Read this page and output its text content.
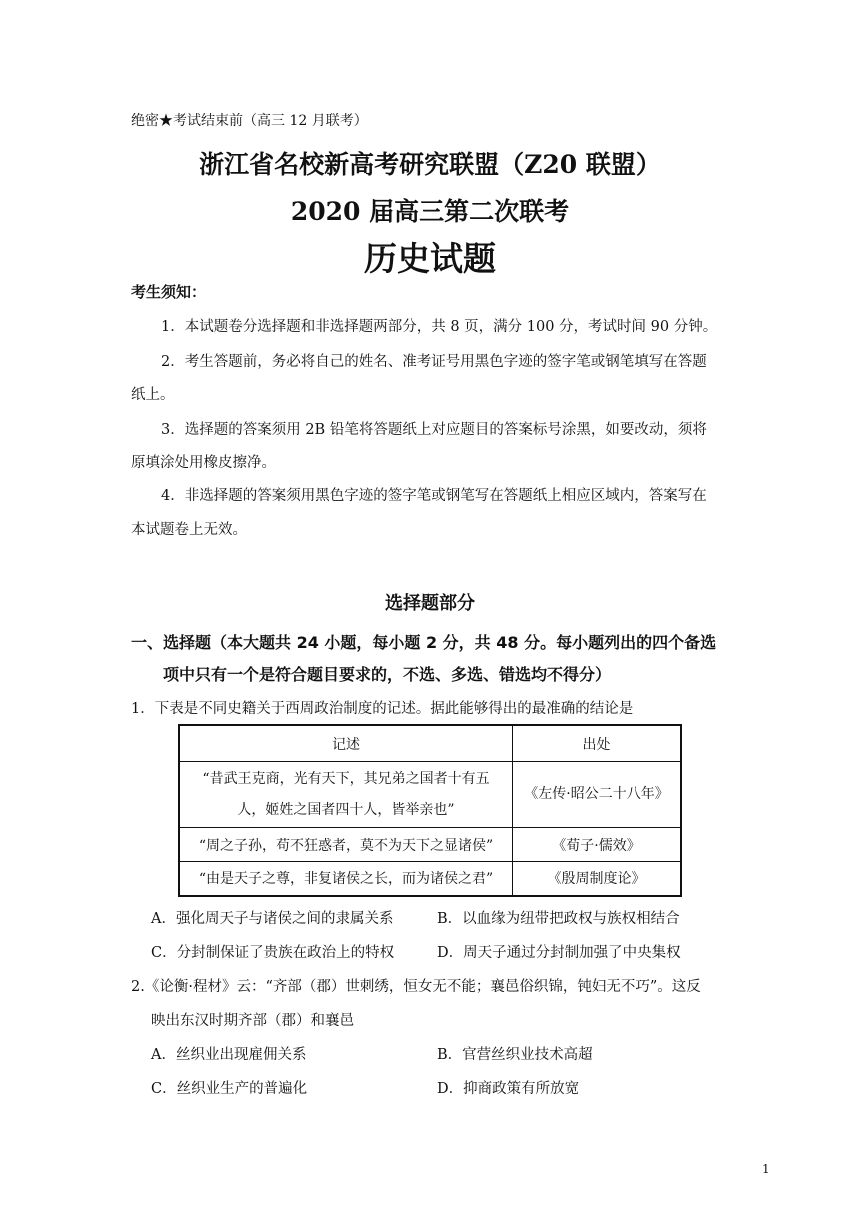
绝密★考试结束前（高三 12 月联考）
浙江省名校新高考研究联盟（Z20 联盟）
2020 届高三第二次联考
历史试题
考生须知：
1．本试题卷分选择题和非选择题两部分，共 8 页，满分 100 分，考试时间 90 分钟。
2．考生答题前，务必将自己的姓名、准考证号用黑色字迹的签字笔或钢笔填写在答题
纸上。
3．选择题的答案须用 2B 铅笔将答题纸上对应题目的答案标号涂黑，如要改动，须将
原填涂处用橡皮擦净。
4．非选择题的答案须用黑色字迹的签字笔或钢笔写在答题纸上相应区域内，答案写在
本试题卷上无效。
选择题部分
一、选择题（本大题共 24 小题，每小题 2 分，共 48 分。每小题列出的四个备选
项中只有一个是符合题目要求的，不选、多选、错选均不得分）
1．下表是不同史籍关于西周政治制度的记述。据此能够得出的最准确的结论是
记述	出处

“昔武王克商，光有天下，其兄弟之国者十有五
人，姬姓之国者四十人，皆举亲也”	《左传·昭公二十八年》
“周之子孙，苟不狂惑者，莫不为天下之显诸侯”	《荀子·儒效》
“由是天子之尊，非复诸侯之长，而为诸侯之君”	《殷周制度论》
A．强化周天子与诸侯之间的隶属关系	B．以血缘为纽带把政权与族权相结合
C．分封制保证了贵族在政治上的特权	D．周天子通过分封制加强了中央集权
2.《论衡·程材》云：“齐部（郡）世刺绣，恒女无不能；襄邑俗织锦，钝妇无不巧”。这反
映出东汉时期齐部（郡）和襄邑
A．丝织业出现雇佣关系	B．官营丝织业技术高超
C．丝织业生产的普遍化	D．抑商政策有所放宽
1
